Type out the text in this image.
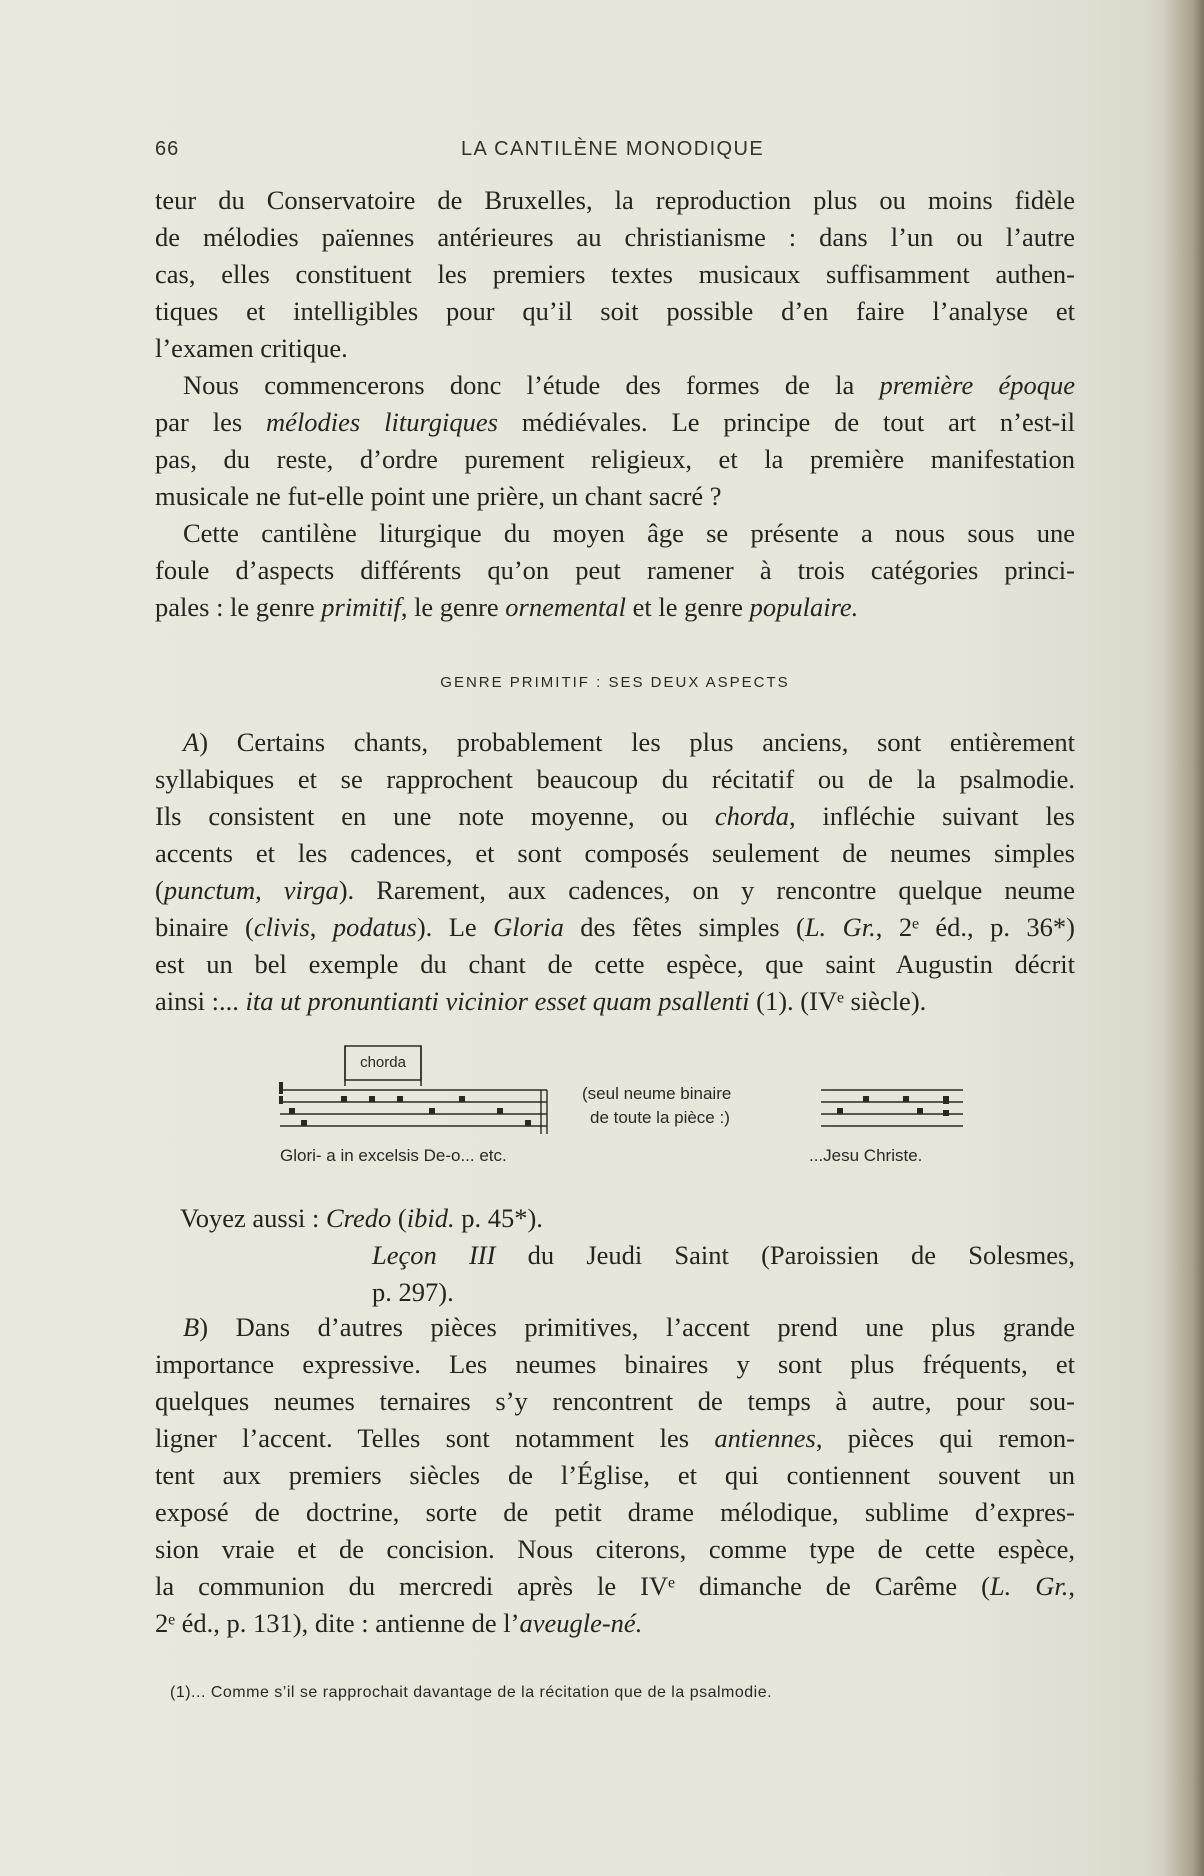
66	LA CANTILÈNE MONODIQUE

teur du Conservatoire de Bruxelles, la reproduction plus ou moins fidèle
de mélodies païennes antérieures au christianisme : dans l’un ou l’autre
cas, elles constituent les premiers textes musicaux suffisamment authen-
tiques et intelligibles pour qu’il soit possible d’en faire l’analyse et
l’examen critique.

Nous commencerons donc l’étude des formes de la première époque
par les mélodies liturgiques médiévales. Le principe de tout art n’est-il
pas, du reste, d’ordre purement religieux, et la première manifestation
musicale ne fut-elle point une prière, un chant sacré ?

Cette cantilène liturgique du moyen âge se présente a nous sous une
foule d’aspects différents qu’on peut ramener à trois catégories princi-
pales : le genre primitif, le genre ornemental et le genre populaire.

GENRE PRIMITIF : SES DEUX ASPECTS

A) Certains chants, probablement les plus anciens, sont entièrement
syllabiques et se rapprochent beaucoup du récitatif ou de la psalmodie.
Ils consistent en une note moyenne, ou chorda, infléchie suivant les
accents et les cadences, et sont composés seulement de neumes simples
(punctum, virga). Rarement, aux cadences, on y rencontre quelque neume
binaire (clivis, podatus). Le Gloria des fêtes simples (L. Gr., 2ᵉ éd., p. 36*)
est un bel exemple du chant de cette espèce, que saint Augustin décrit
ainsi :... ita ut pronuntianti vicinior esset quam psallenti (1). (IVᵉ siècle).

chorda
(seul neume binaire
de toute la pièce :)
Glori- a in excelsis De-o... etc.	...Jesu Christe.
Voyez aussi : Credo (ibid. p. 45*).
Leçon III du Jeudi Saint (Paroissien de Solesmes,
p. 297).

B) Dans d’autres pièces primitives, l’accent prend une plus grande
importance expressive. Les neumes binaires y sont plus fréquents, et
quelques neumes ternaires s’y rencontrent de temps à autre, pour sou-
ligner l’accent. Telles sont notamment les antiennes, pièces qui remon-
tent aux premiers siècles de l’Église, et qui contiennent souvent un
exposé de doctrine, sorte de petit drame mélodique, sublime d’expres-
sion vraie et de concision. Nous citerons, comme type de cette espèce,
la communion du mercredi après le IVᵉ dimanche de Carême (L. Gr.,
2ᵉ éd., p. 131), dite : antienne de l’aveugle-né.

(1)... Comme s’il se rapprochait davantage de la récitation que de la psalmodie.
